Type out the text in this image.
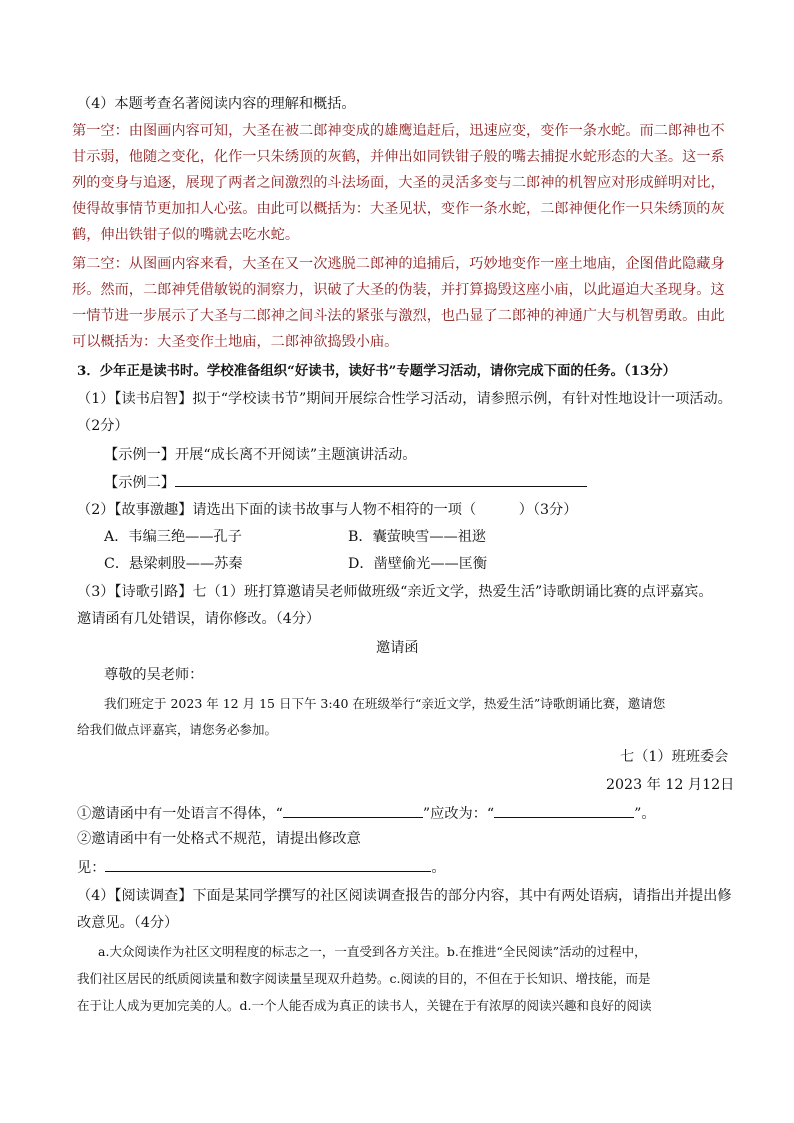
（4）本题考查名著阅读内容的理解和概括。
第一空：由图画内容可知，大圣在被二郎神变成的雄鹰追赶后，迅速应变，变作一条水蛇。而二郎神也不
甘示弱，他随之变化，化作一只朱绣顶的灰鹤，并伸出如同铁钳子般的嘴去捕捉水蛇形态的大圣。这一系
列的变身与追逐，展现了两者之间激烈的斗法场面，大圣的灵活多变与二郎神的机智应对形成鲜明对比，
使得故事情节更加扣人心弦。由此可以概括为：大圣见状，变作一条水蛇，二郎神便化作一只朱绣顶的灰
鹤，伸出铁钳子似的嘴就去吃水蛇。
第二空：从图画内容来看，大圣在又一次逃脱二郎神的追捕后，巧妙地变作一座土地庙，企图借此隐藏身
形。然而，二郎神凭借敏锐的洞察力，识破了大圣的伪装，并打算捣毁这座小庙，以此逼迫大圣现身。这
一情节进一步展示了大圣与二郎神之间斗法的紧张与激烈，也凸显了二郎神的神通广大与机智勇敢。由此
可以概括为：大圣变作土地庙，二郎神欲捣毁小庙。
3．少年正是读书时。学校准备组织“好读书，读好书”专题学习活动，请你完成下面的任务。（13分）
（1）【读书启智】拟于“学校读书节”期间开展综合性学习活动，请参照示例，有针对性地设计一项活动。
（2分）
【示例一】开展“成长离不开阅读”主题演讲活动。
【示例二】
（2）【故事激趣】请选出下面的读书故事与人物不相符的一项（　　　）（3分）
A．韦编三绝——孔子	B．囊萤映雪——祖逖
C．悬梁刺股——苏秦	D．凿壁偷光——匡衡
（3）【诗歌引路】七（1）班打算邀请吴老师做班级“亲近文学，热爱生活”诗歌朗诵比赛的点评嘉宾。
邀请函有几处错误，请你修改。（4分）
邀请函
尊敬的吴老师：
我们班定于 2023 年 12 月 15 日下午 3:40 在班级举行“亲近文学，热爱生活”诗歌朗诵比赛，邀请您
给我们做点评嘉宾，请您务必参加。
七（1）班班委会
2023 年 12 月12日
①邀请函中有一处语言不得体，“	”应改为：“	”。
②邀请函中有一处格式不规范，请提出修改意
见：	。
（4）【阅读调查】下面是某同学撰写的社区阅读调查报告的部分内容，其中有两处语病，请指出并提出修
改意见。（4分）
a.大众阅读作为社区文明程度的标志之一，一直受到各方关注。b.在推进“全民阅读”活动的过程中，
我们社区居民的纸质阅读量和数字阅读量呈现双升趋势。c.阅读的目的，不但在于长知识、增技能，而是
在于让人成为更加完美的人。d.一个人能否成为真正的读书人，关键在于有浓厚的阅读兴趣和良好的阅读
